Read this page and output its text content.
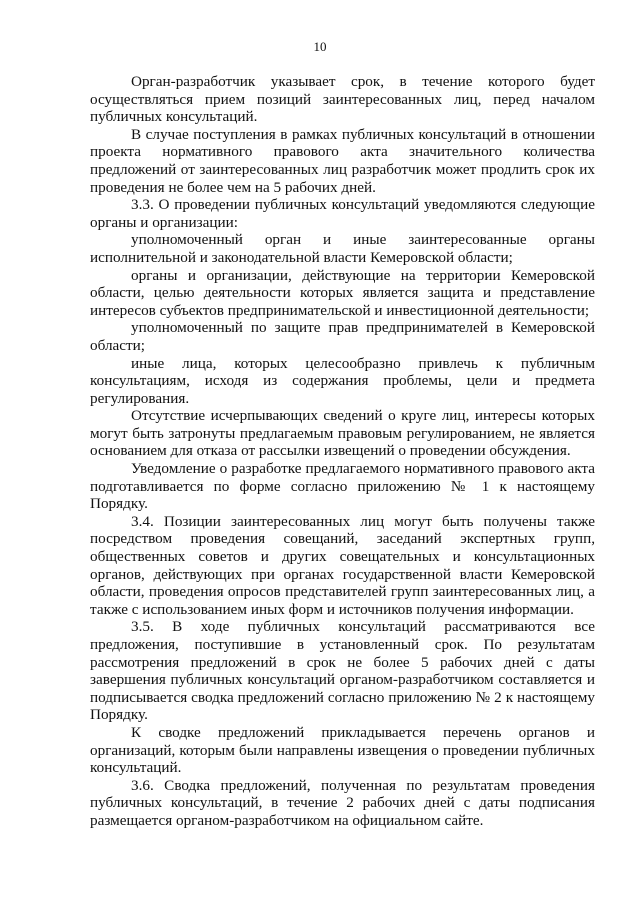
10

Орган-разработчик указывает срок, в течение которого будет осуществляться прием позиций заинтересованных лиц, перед началом публичных консультаций.

В случае поступления в рамках публичных консультаций в отношении проекта нормативного правового акта значительного количества предложений от заинтересованных лиц разработчик может продлить срок их проведения не более чем на 5 рабочих дней.

3.3. О проведении публичных консультаций уведомляются следующие органы и организации:

уполномоченный орган и иные заинтересованные органы исполнительной и законодательной власти Кемеровской области;

органы и организации, действующие на территории Кемеровской области, целью деятельности которых является защита и представление интересов субъектов предпринимательской и инвестиционной деятельности;

уполномоченный по защите прав предпринимателей в Кемеровской области;

иные лица, которых целесообразно привлечь к публичным консультациям, исходя из содержания проблемы, цели и предмета регулирования.

Отсутствие исчерпывающих сведений о круге лиц, интересы которых могут быть затронуты предлагаемым правовым регулированием, не является основанием для отказа от рассылки извещений о проведении обсуждения.

Уведомление о разработке предлагаемого нормативного правового акта подготавливается по форме согласно приложению № 1 к настоящему Порядку.

3.4. Позиции заинтересованных лиц могут быть получены также посредством проведения совещаний, заседаний экспертных групп, общественных советов и других совещательных и консультационных органов, действующих при органах государственной власти Кемеровской области, проведения опросов представителей групп заинтересованных лиц, а также с использованием иных форм и источников получения информации.

3.5. В ходе публичных консультаций рассматриваются все предложения, поступившие в установленный срок. По результатам рассмотрения предложений в срок не более 5 рабочих дней с даты завершения публичных консультаций органом-разработчиком составляется и подписывается сводка предложений согласно приложению № 2 к настоящему Порядку.

К сводке предложений прикладывается перечень органов и организаций, которым были направлены извещения о проведении публичных консультаций.

3.6. Сводка предложений, полученная по результатам проведения публичных консультаций, в течение 2 рабочих дней с даты подписания размещается органом-разработчиком на официальном сайте.
